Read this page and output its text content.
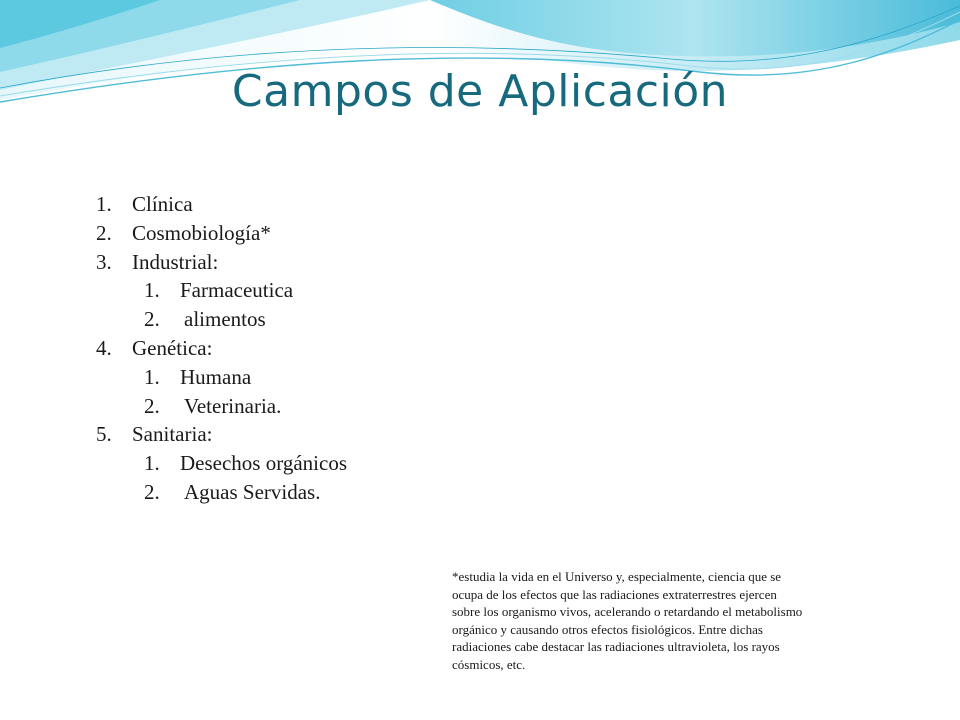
Campos de Aplicación
1. Clínica
2. Cosmobiología*
3. Industrial:
1. Farmaceutica
2. alimentos
4. Genética:
1. Humana
2. Veterinaria.
5. Sanitaria:
1. Desechos orgánicos
2. Aguas Servidas.

*estudia la vida en el Universo y, especialmente, ciencia que se
ocupa de los efectos que las radiaciones extraterrestres ejercen
sobre los organismo vivos, acelerando o retardando el metabolismo
orgánico y causando otros efectos fisiológicos. Entre dichas
radiaciones cabe destacar las radiaciones ultravioleta, los rayos
cósmicos, etc.
